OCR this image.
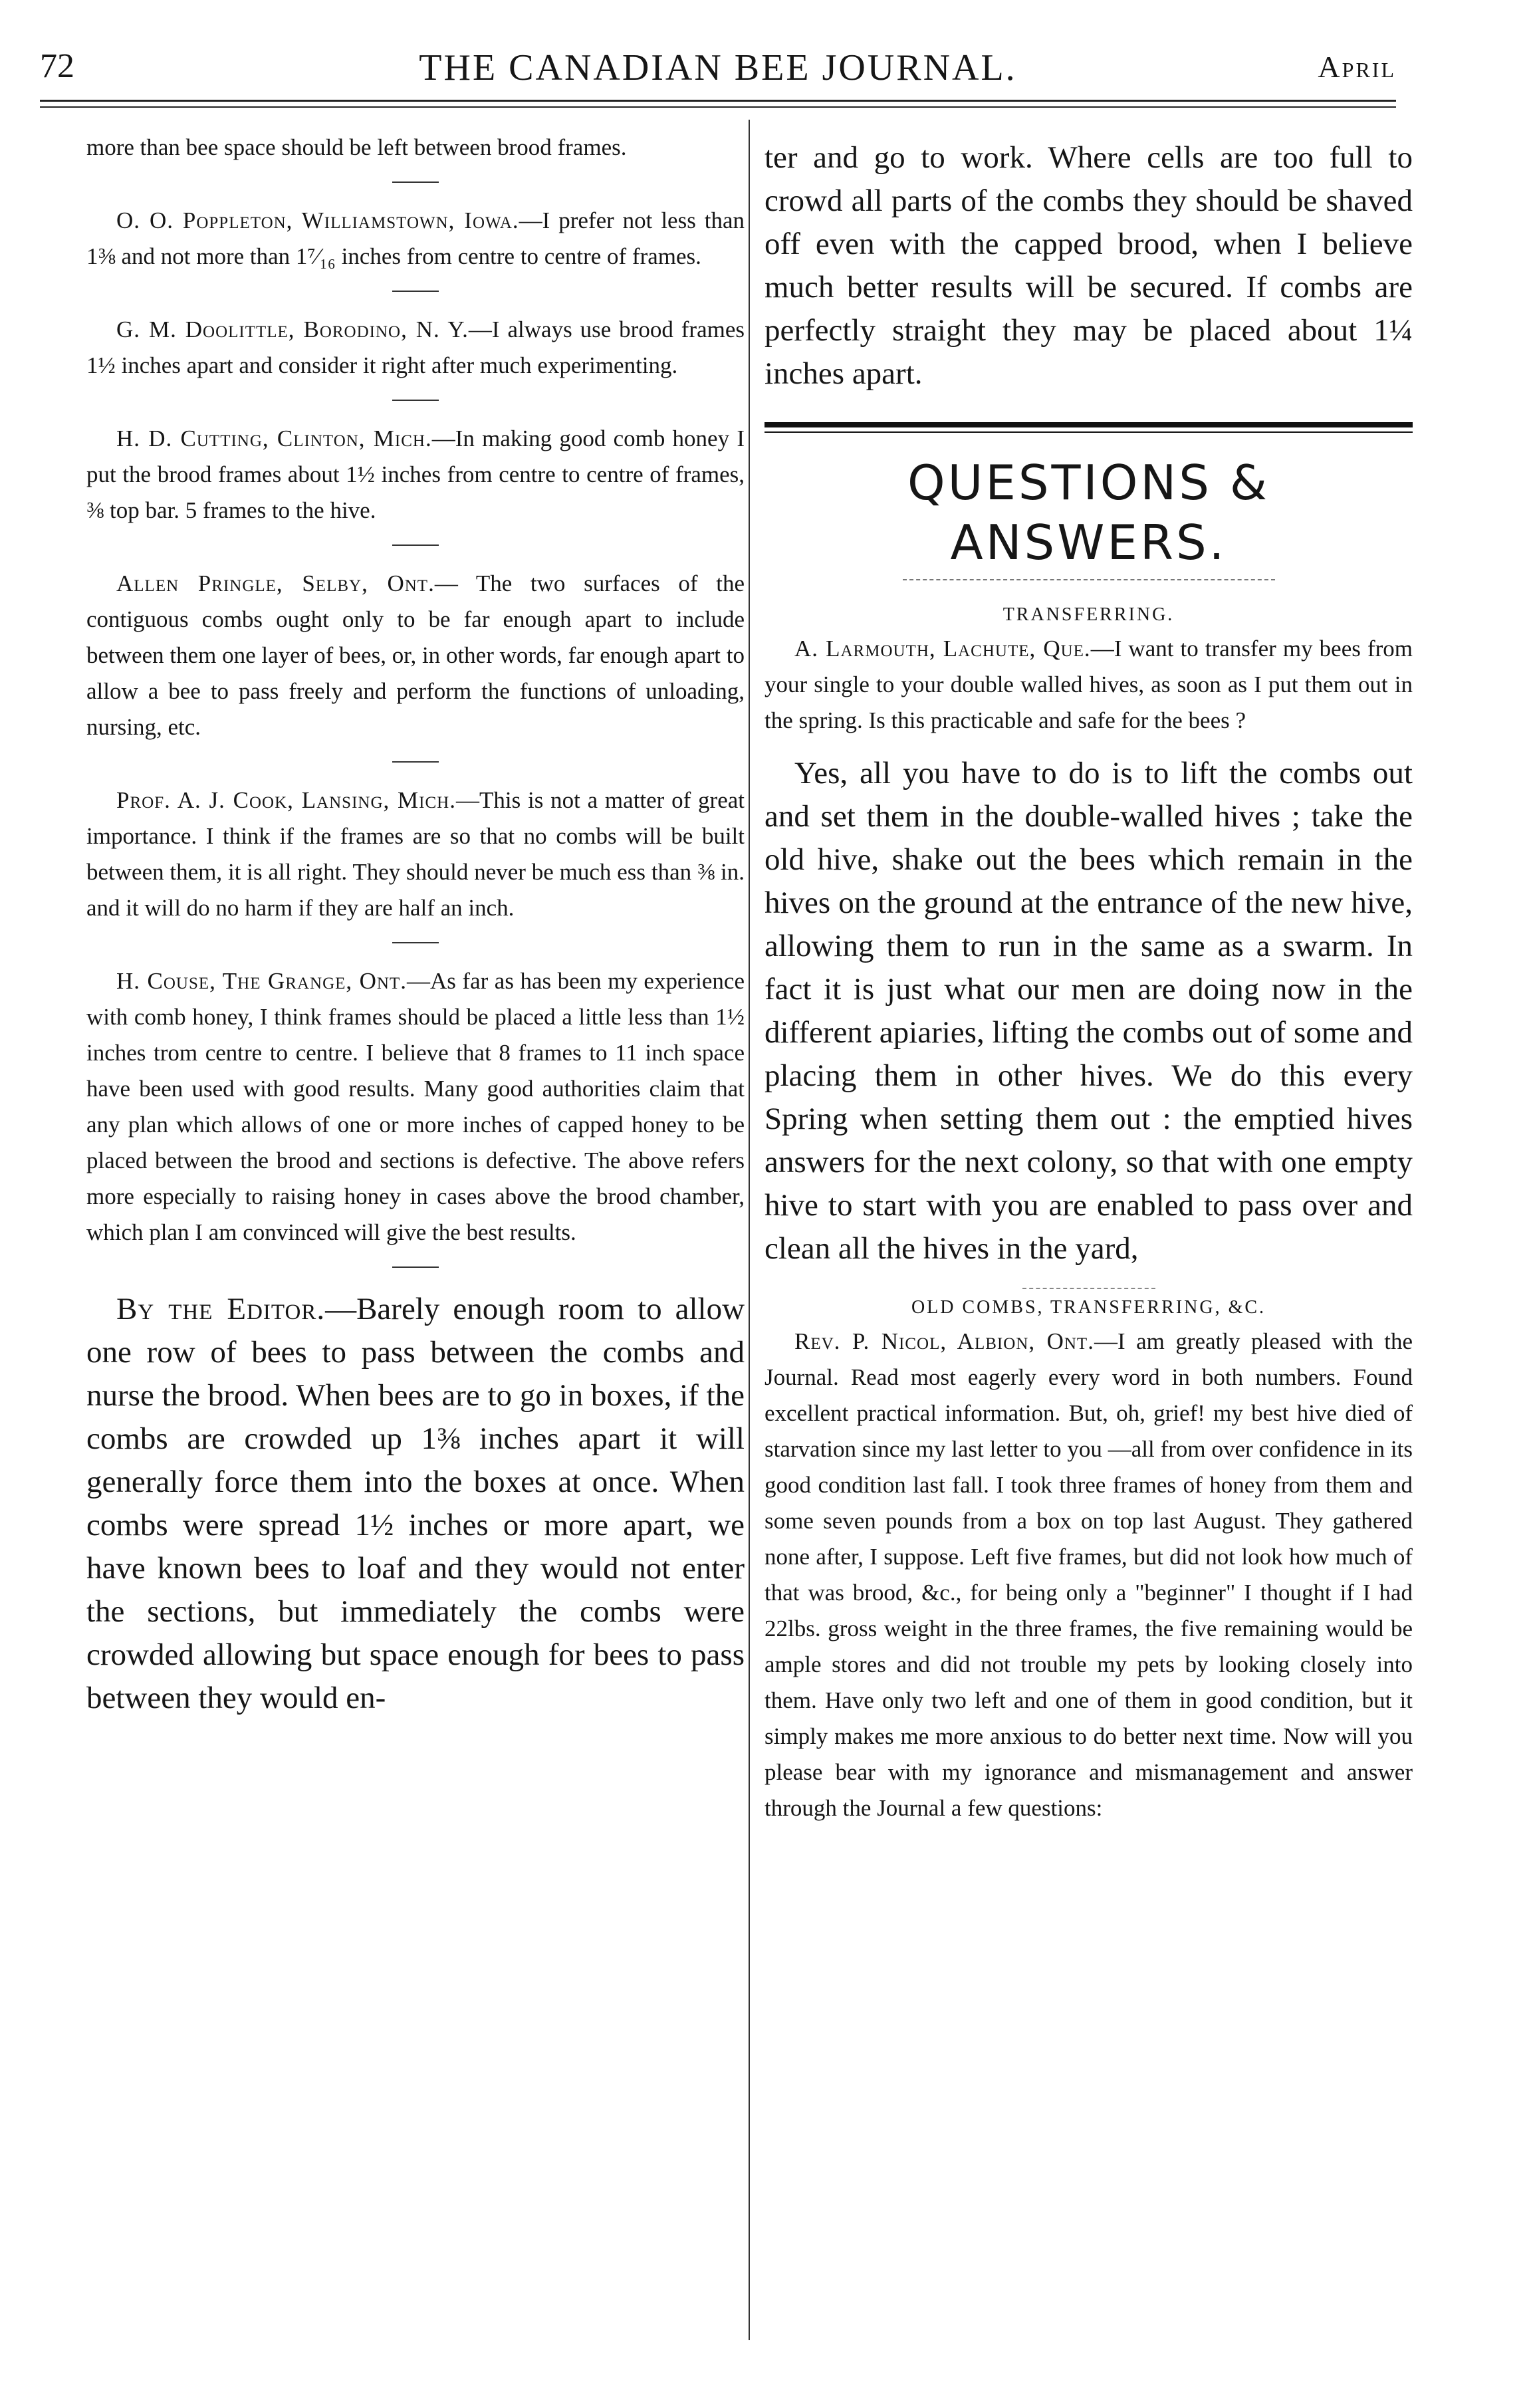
72	THE CANADIAN BEE JOURNAL.	April

more than bee space should be left between brood frames.

O. O. Poppleton, Williamstown, Iowa.—I prefer not less than 1⅜ and not more than 1⁷⁄₁₆ inches from centre to centre of frames.

G. M. Doolittle, Borodino, N. Y.—I always use brood frames 1½ inches apart and consider it right after much experimenting.

H. D. Cutting, Clinton, Mich.—In making good comb honey I put the brood frames about 1½ inches from centre to centre of frames, ⅜ top bar. 5 frames to the hive.

Allen Pringle, Selby, Ont.— The two surfaces of the contiguous combs ought only to be far enough apart to include between them one layer of bees, or, in other words, far enough apart to allow a bee to pass freely and perform the functions of unloading, nursing, etc.

Prof. A. J. Cook, Lansing, Mich.—This is not a matter of great importance. I think if the frames are so that no combs will be built between them, it is all right. They should never be much ess than ⅜ in. and it will do no harm if they are half an inch.

H. Couse, The Grange, Ont.—As far as has been my experience with comb honey, I think frames should be placed a little less than 1½ inches trom centre to centre. I believe that 8 frames to 11 inch space have been used with good results. Many good authorities claim that any plan which allows of one or more inches of capped honey to be placed between the brood and sections is defective. The above refers more especially to raising honey in cases above the brood chamber, which plan I am convinced will give the best results.

By the Editor.—Barely enough room to allow one row of bees to pass between the combs and nurse the brood. When bees are to go in boxes, if the combs are crowded up 1⅜ inches apart it will generally force them into the boxes at once. When combs were spread 1½ inches or more apart, we have known bees to loaf and they would not enter the sections, but immediately the combs were crowded allowing but space enough for bees to pass between they would en-

ter and go to work. Where cells are too full to crowd all parts of the combs they should be shaved off even with the capped brood, when I believe much better results will be secured. If combs are perfectly straight they may be placed about 1¼ inches apart.

QUESTIONS & ANSWERS.
TRANSFERRING.

A. Larmouth, Lachute, Que.—I want to transfer my bees from your single to your double walled hives, as soon as I put them out in the spring. Is this practicable and safe for the bees ?

Yes, all you have to do is to lift the combs out and set them in the double-walled hives ; take the old hive, shake out the bees which remain in the hives on the ground at the entrance of the new hive, allowing them to run in the same as a swarm. In fact it is just what our men are doing now in the different apiaries, lifting the combs out of some and placing them in other hives. We do this every Spring when setting them out : the emptied hives answers for the next colony, so that with one empty hive to start with you are enabled to pass over and clean all the hives in the yard,

OLD COMBS, TRANSFERRING, &C.

Rev. P. Nicol, Albion, Ont.—I am greatly pleased with the Journal. Read most eagerly every word in both numbers. Found excellent practical information. But, oh, grief! my best hive died of starvation since my last letter to you —all from over confidence in its good condition last fall. I took three frames of honey from them and some seven pounds from a box on top last August. They gathered none after, I suppose. Left five frames, but did not look how much of that was brood, &c., for being only a "beginner" I thought if I had 22lbs. gross weight in the three frames, the five remaining would be ample stores and did not trouble my pets by looking closely into them. Have only two left and one of them in good condition, but it simply makes me more anxious to do better next time. Now will you please bear with my ignorance and mismanagement and answer through the Journal a few questions:
